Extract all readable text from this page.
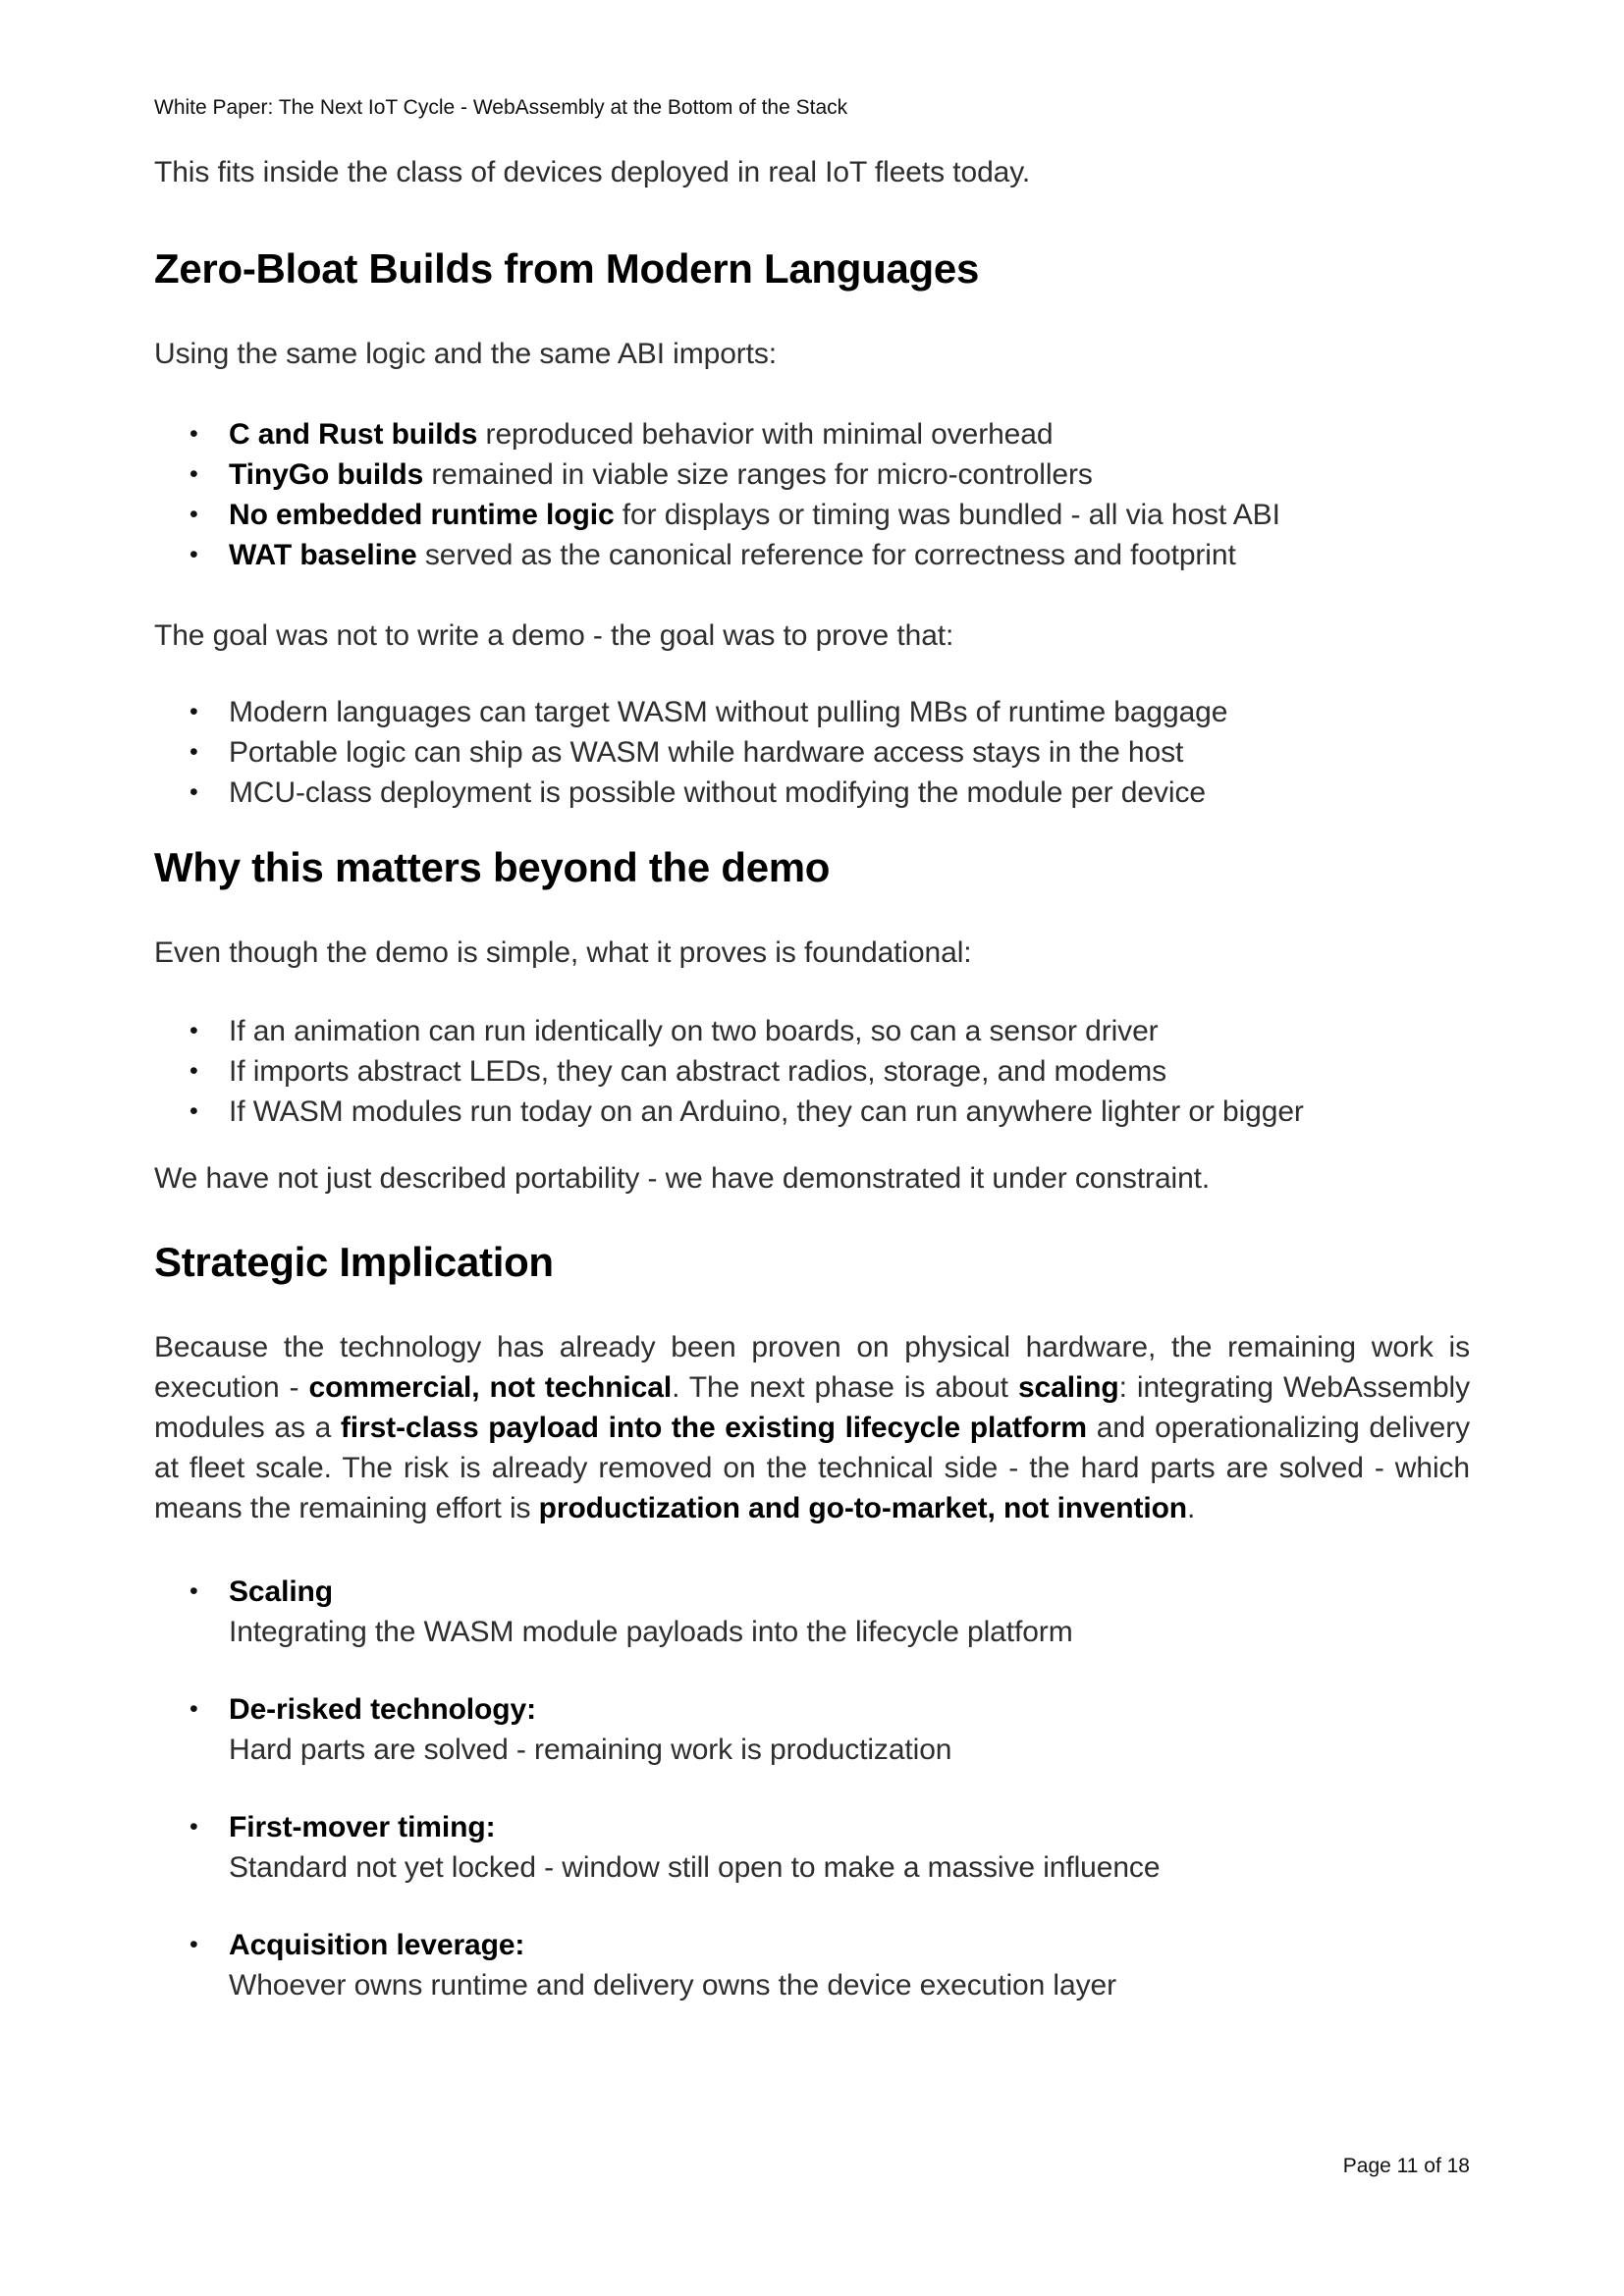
White Paper: The Next IoT Cycle - WebAssembly at the Bottom of the Stack

This fits inside the class of devices deployed in real IoT fleets today.

Zero-Bloat Builds from Modern Languages

Using the same logic and the same ABI imports:

• C and Rust builds reproduced behavior with minimal overhead
• TinyGo builds remained in viable size ranges for micro-controllers
• No embedded runtime logic for displays or timing was bundled - all via host ABI
• WAT baseline served as the canonical reference for correctness and footprint

The goal was not to write a demo - the goal was to prove that:

• Modern languages can target WASM without pulling MBs of runtime baggage
• Portable logic can ship as WASM while hardware access stays in the host
• MCU-class deployment is possible without modifying the module per device
Why this matters beyond the demo

Even though the demo is simple, what it proves is foundational:

• If an animation can run identically on two boards, so can a sensor driver
• If imports abstract LEDs, they can abstract radios, storage, and modems
• If WASM modules run today on an Arduino, they can run anywhere lighter or bigger

We have not just described portability - we have demonstrated it under constraint.

Strategic Implication

Because the technology has already been proven on physical hardware, the remaining work is execution - commercial, not technical. The next phase is about scaling: integrating WebAssembly modules as a first-class payload into the existing lifecycle platform and operationalizing delivery at fleet scale. The risk is already removed on the technical side - the hard parts are solved - which means the remaining effort is productization and go-to-market, not invention.

• Scaling
Integrating the WASM module payloads into the lifecycle platform
• De-risked technology:
Hard parts are solved - remaining work is productization
• First-mover timing:
Standard not yet locked - window still open to make a massive influence
• Acquisition leverage:
Whoever owns runtime and delivery owns the device execution layer
Page 11 of 18
